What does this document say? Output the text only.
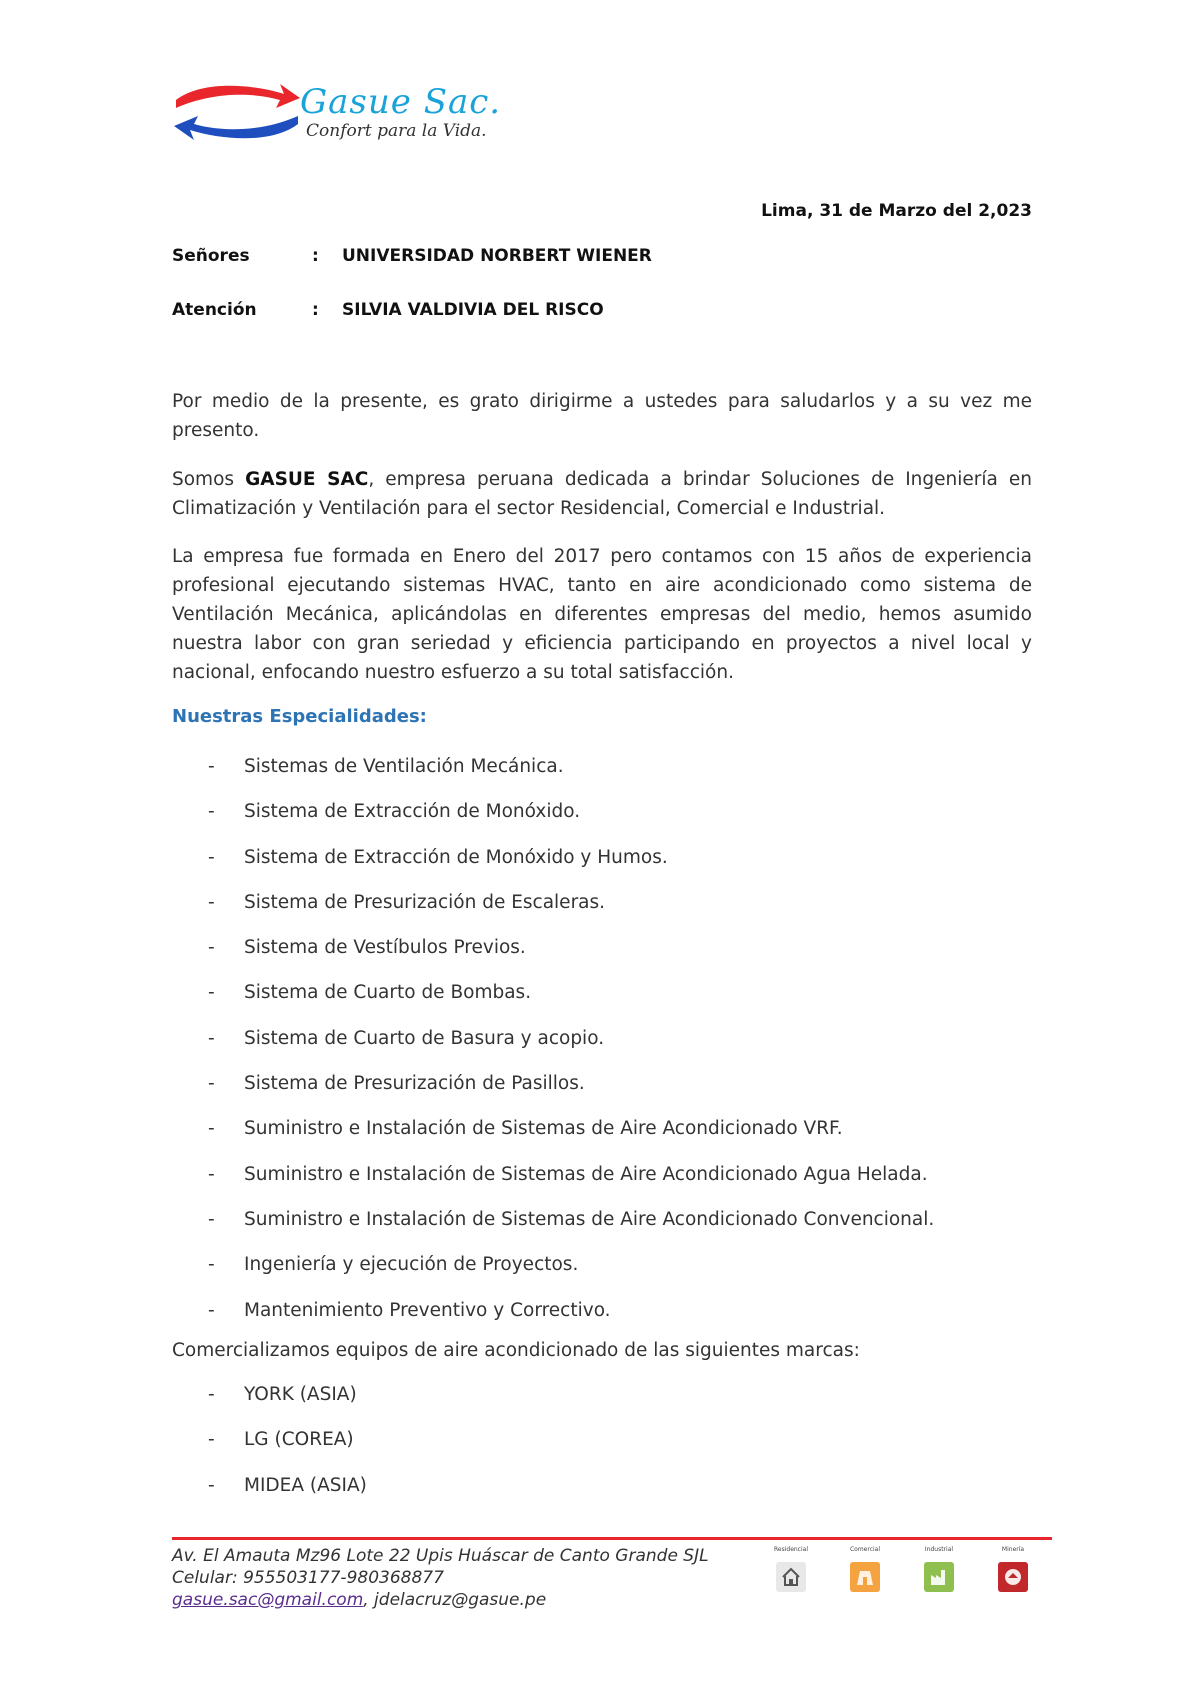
Gasue Sac.
Confort para la Vida.
Lima, 31 de Marzo del 2,023
Señores	: UNIVERSIDAD NORBERT WIENER
Atención	: SILVIA VALDIVIA DEL RISCO
Por medio de la presente, es grato dirigirme a ustedes para saludarlos y a su vez me presento.
Somos GASUE SAC, empresa peruana dedicada a brindar Soluciones de Ingeniería en Climatización y Ventilación para el sector Residencial, Comercial e Industrial.
La empresa fue formada en Enero del 2017 pero contamos con 15 años de experiencia profesional ejecutando sistemas HVAC, tanto en aire acondicionado como sistema de Ventilación Mecánica, aplicándolas en diferentes empresas del medio, hemos asumido nuestra labor con gran seriedad y eficiencia participando en proyectos a nivel local y nacional, enfocando nuestro esfuerzo a su total satisfacción.
Nuestras Especialidades:
- Sistemas de Ventilación Mecánica.
- Sistema de Extracción de Monóxido.
- Sistema de Extracción de Monóxido y Humos.
- Sistema de Presurización de Escaleras.
- Sistema de Vestíbulos Previos.
- Sistema de Cuarto de Bombas.
- Sistema de Cuarto de Basura y acopio.
- Sistema de Presurización de Pasillos.
- Suministro e Instalación de Sistemas de Aire Acondicionado VRF.
- Suministro e Instalación de Sistemas de Aire Acondicionado Agua Helada.
- Suministro e Instalación de Sistemas de Aire Acondicionado Convencional.
- Ingeniería y ejecución de Proyectos.
- Mantenimiento Preventivo y Correctivo.
Comercializamos equipos de aire acondicionado de las siguientes marcas:
- YORK (ASIA)
- LG (COREA)
- MIDEA (ASIA)
Av. El Amauta Mz96 Lote 22 Upis Huáscar de Canto Grande SJL
Celular: 955503177-980368877
gasue.sac@gmail.com, jdelacruz@gasue.pe
Residencial	Comercial	Industrial	Minería
